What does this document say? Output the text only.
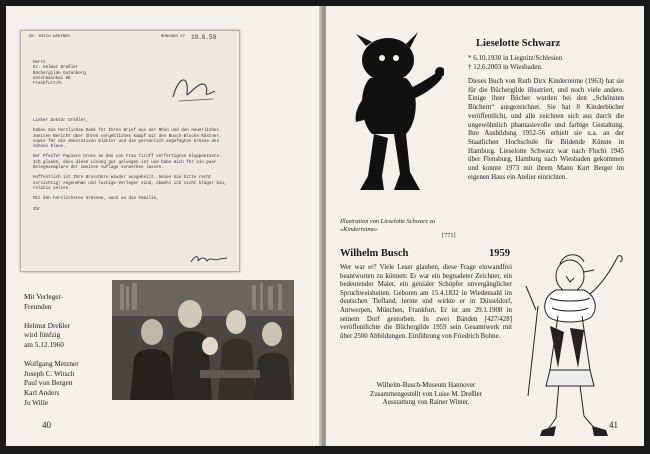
DR. ERICH KÄSTNER	MÜNCHEN 27 19.8.59
Herrn
Dr. Helmut Dreßler
Büchergilde Gutenberg
Untermainkai 66
Frankfurt/M.

Lieber Doktor Dreßler,

haben Sie herzlichen Dank für Ihren Brief aus der Rhön und den neuerlichen zweiten Bericht über Ihren vergeblichen Kampf mit den Busch-Blocks Kästner, sowie für die dekorativen Blätter und die persönlich angefügten Grüsse des Sohnes Klaus.

Der Pfeifer Papiere Grüss an den von Frau Tiroff verfertigten Klappentexte. Ich glaube, dass diese Lösung gut gelungen ist und habe mich für ein paar Belegexemplare der zweiten Auflage vormerken lassen.

Hoffentlich ist Ihre Broschüre wieder ausgeheilt. Seien Sie bitte recht vorsichtig! Angenehme und lustige Verleger sind, obwohl ich nicht kläger bin, relativ selten.

Mit den herzlichsten Grüssen, auch an die Familie,

Ihr

Mit Verleger-
Freunden

Helmut Dreßler
wird fünfzig
am 5.12.1960

Wolfgang Metzner
Joseph C. Witsch
Paul von Bergen
Karl Anders
Jo Wille
40
Illustration von Lieselotte Schwarz zu »Kinderreime«
[771]
Lieselotte Schwarz
* 6.10.1930 in Liegnitz/Schlesien
† 12.6.2003 in Wiesbaden.
Dieses Buch von Ruth Dirx Kinderreime (1963) hat sie für die Büchergilde illustriert, und noch viele andere. Einige ihrer Bücher wurden bei den „Schönsten Büchern“ ausgezeichnet. Sie hat 8 Kinderbücher veröffentlicht, und alle zeichnen sich aus durch die ungewöhnlich phantasievolle und farbige Gestaltung. Ihre Ausbildung 1952-56 erhielt sie u.a. an der Staatlichen Hochschule für Bildende Künste in Hamburg. Lieselotte Schwarz war nach Flucht 1945 über Flensburg, Hamburg nach Wiesbaden gekommen und konnte 1973 mit ihrem Mann Kurt Berger im eigenen Haus ein Atelier einrichten.
Wilhelm Busch	1959
Wer war er? Viele Leser glauben, diese Frage einwandfrei beantworten zu können: Er war ein begnadeter Zeichner, ein bedeutender Maler, ein genialer Schöpfer unvergänglicher Spruchweisheiten. Geboren am 15.4.1832 in Wiedensahl im deutschen Tiefland, lernte und wirkte er in Düsseldorf, Antwerpen, München, Frankfurt. Er ist am 29.1.1908 in seinem Dorf gestorben. In zwei Bänden [427/428] veröffentlichte die Büchergilde 1959 sein Gesamtwerk mit über 2500 Abbildungen. Einführung von Friedrich Bohne.
Wilhelm-Busch-Museum Hannover
Zusammengestellt von Luise M. Dreßler
Ausstattung von Rainer Winter.
41
